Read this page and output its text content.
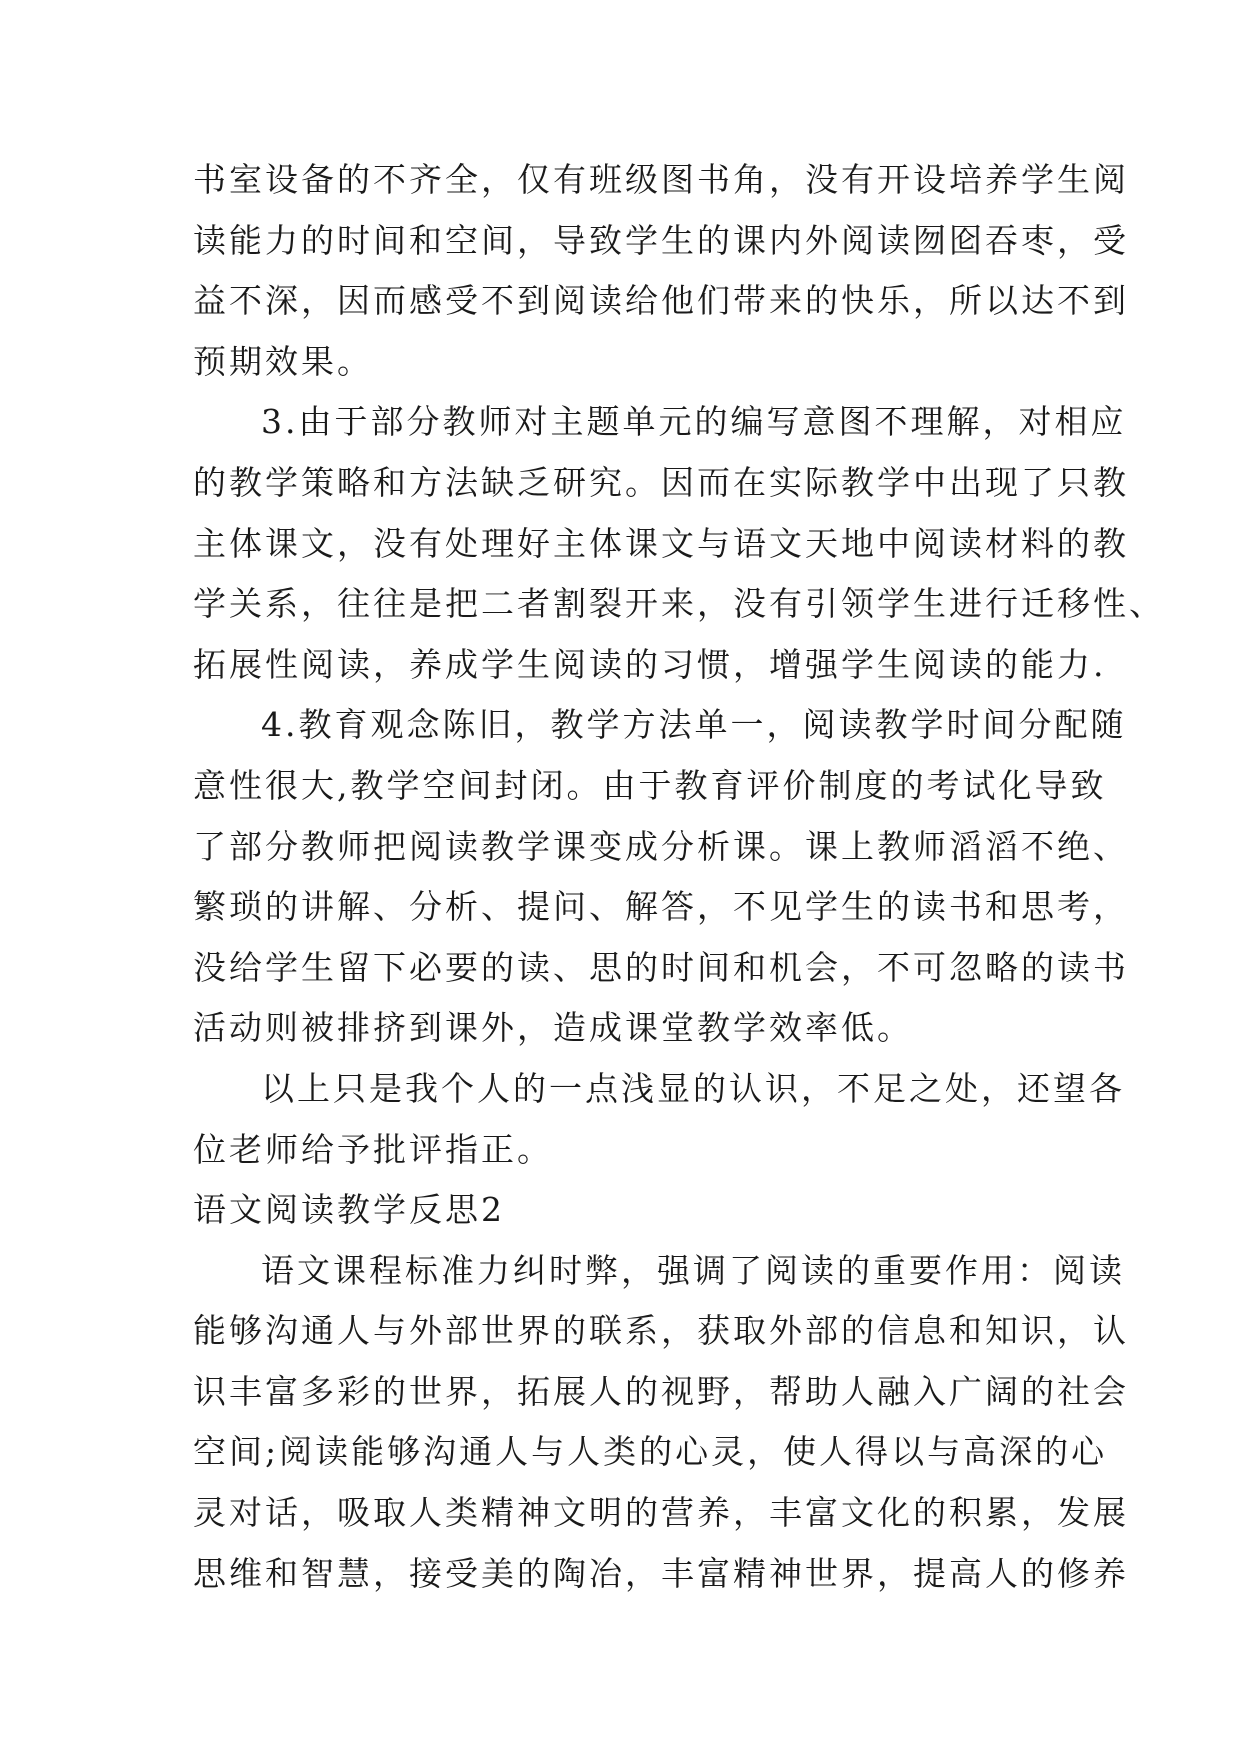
书室设备的不齐全，仅有班级图书角，没有开设培养学生阅
读能力的时间和空间，导致学生的课内外阅读囫囵吞枣，受
益不深，因而感受不到阅读给他们带来的快乐，所以达不到
预期效果。
3.由于部分教师对主题单元的编写意图不理解，对相应
的教学策略和方法缺乏研究。因而在实际教学中出现了只教
主体课文，没有处理好主体课文与语文天地中阅读材料的教
学关系，往往是把二者割裂开来，没有引领学生进行迁移性、
拓展性阅读，养成学生阅读的习惯，增强学生阅读的能力.
4.教育观念陈旧，教学方法单一，阅读教学时间分配随
意性很大,教学空间封闭。由于教育评价制度的考试化导致
了部分教师把阅读教学课变成分析课。课上教师滔滔不绝、
繁琐的讲解、分析、提问、解答，不见学生的读书和思考，
没给学生留下必要的读、思的时间和机会，不可忽略的读书
活动则被排挤到课外，造成课堂教学效率低。
以上只是我个人的一点浅显的认识，不足之处，还望各
位老师给予批评指正。
语文阅读教学反思2
语文课程标准力纠时弊，强调了阅读的重要作用：阅读
能够沟通人与外部世界的联系，获取外部的信息和知识，认
识丰富多彩的世界，拓展人的视野，帮助人融入广阔的社会
空间;阅读能够沟通人与人类的心灵，使人得以与高深的心
灵对话，吸取人类精神文明的营养，丰富文化的积累，发展
思维和智慧，接受美的陶冶，丰富精神世界，提高人的修养
